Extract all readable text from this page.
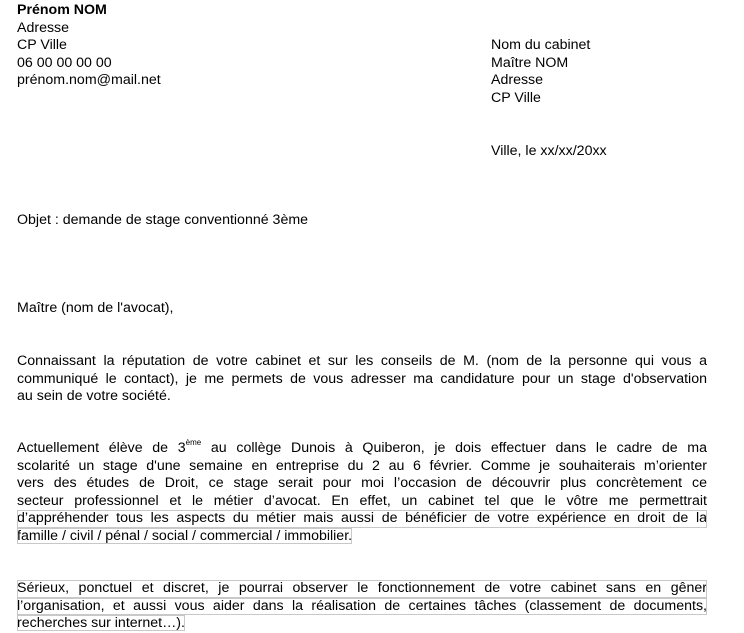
Prénom NOM
Adresse
CP Ville
06 00 00 00 00
prénom.nom@mail.net
Nom du cabinet
Maître NOM
Adresse
CP Ville
Ville, le xx/xx/20xx
Objet : demande de stage conventionné 3ème
Maître (nom de l'avocat),
Connaissant la réputation de votre cabinet et sur les conseils de M. (nom de la personne qui vous a
communiqué le contact), je me permets de vous adresser ma candidature pour un stage d'observation
au sein de votre société.
Actuellement élève de 3ème au collège Dunois à Quiberon, je dois effectuer dans le cadre de ma
scolarité un stage d'une semaine en entreprise du 2 au 6 février. Comme je souhaiterais m’orienter
vers des études de Droit, ce stage serait pour moi l’occasion de découvrir plus concrètement ce
secteur professionnel et le métier d’avocat. En effet, un cabinet tel que le vôtre me permettrait
d’appréhender tous les aspects du métier mais aussi de bénéficier de votre expérience en droit de la
famille / civil / pénal / social / commercial / immobilier.
Sérieux, ponctuel et discret, je pourrai observer le fonctionnement de votre cabinet sans en gêner
l’organisation, et aussi vous aider dans la réalisation de certaines tâches (classement de documents,
recherches sur internet…).
